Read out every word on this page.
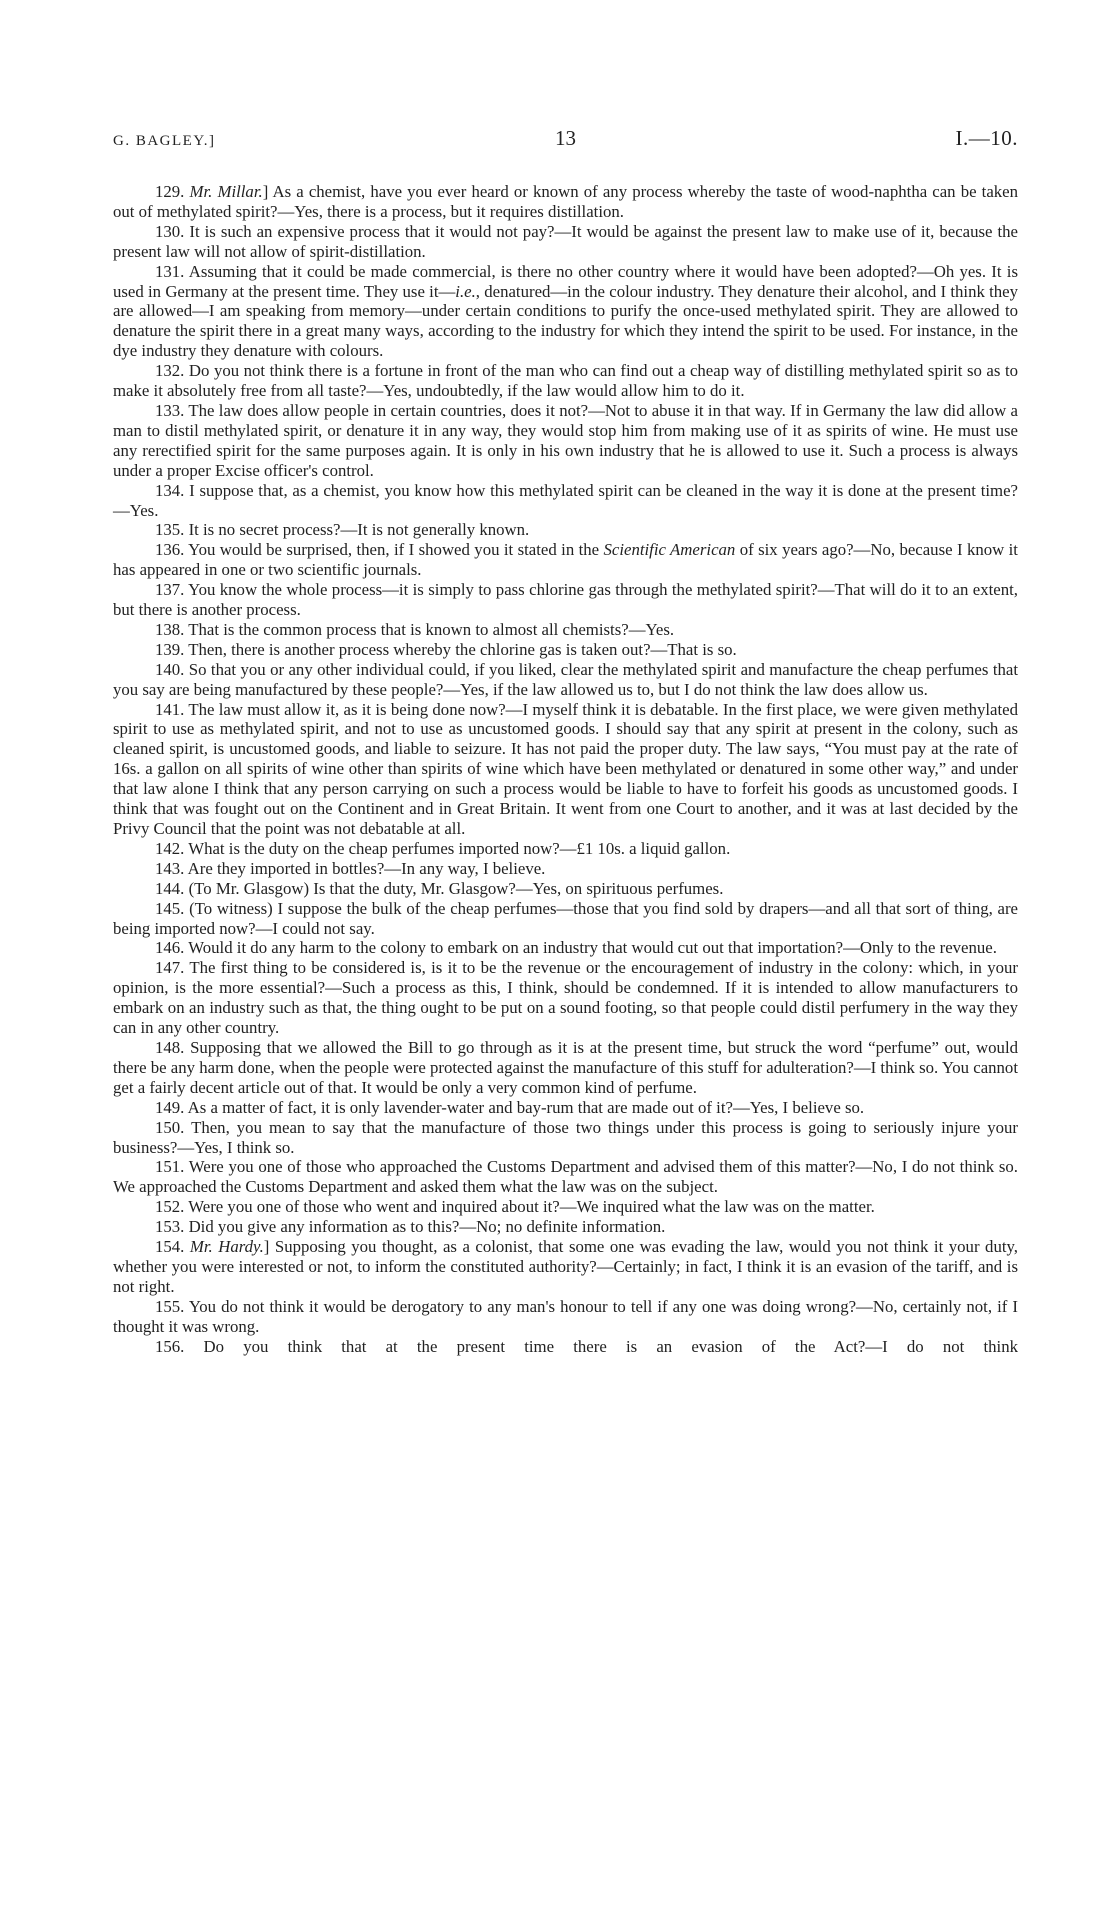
G. BAGLEY.]	13	I.—10.

129. Mr. Millar.] As a chemist, have you ever heard or known of any process whereby the taste of wood-naphtha can be taken out of methylated spirit?—Yes, there is a process, but it requires distillation.

130. It is such an expensive process that it would not pay?—It would be against the present law to make use of it, because the present law will not allow of spirit-distillation.

131. Assuming that it could be made commercial, is there no other country where it would have been adopted?—Oh yes. It is used in Germany at the present time. They use it—i.e., denatured—in the colour industry. They denature their alcohol, and I think they are allowed—I am speaking from memory—under certain conditions to purify the once-used methylated spirit. They are allowed to denature the spirit there in a great many ways, according to the industry for which they intend the spirit to be used. For instance, in the dye industry they denature with colours.

132. Do you not think there is a fortune in front of the man who can find out a cheap way of distilling methylated spirit so as to make it absolutely free from all taste?—Yes, undoubtedly, if the law would allow him to do it.

133. The law does allow people in certain countries, does it not?—Not to abuse it in that way. If in Germany the law did allow a man to distil methylated spirit, or denature it in any way, they would stop him from making use of it as spirits of wine. He must use any rerectified spirit for the same purposes again. It is only in his own industry that he is allowed to use it. Such a process is always under a proper Excise officer's control.

134. I suppose that, as a chemist, you know how this methylated spirit can be cleaned in the way it is done at the present time?—Yes.

135. It is no secret process?—It is not generally known.

136. You would be surprised, then, if I showed you it stated in the Scientific American of six years ago?—No, because I know it has appeared in one or two scientific journals.

137. You know the whole process—it is simply to pass chlorine gas through the methylated spirit?—That will do it to an extent, but there is another process.

138. That is the common process that is known to almost all chemists?—Yes.

139. Then, there is another process whereby the chlorine gas is taken out?—That is so.

140. So that you or any other individual could, if you liked, clear the methylated spirit and manufacture the cheap perfumes that you say are being manufactured by these people?—Yes, if the law allowed us to, but I do not think the law does allow us.

141. The law must allow it, as it is being done now?—I myself think it is debatable. In the first place, we were given methylated spirit to use as methylated spirit, and not to use as uncustomed goods. I should say that any spirit at present in the colony, such as cleaned spirit, is uncustomed goods, and liable to seizure. It has not paid the proper duty. The law says, “You must pay at the rate of 16s. a gallon on all spirits of wine other than spirits of wine which have been methylated or denatured in some other way,” and under that law alone I think that any person carrying on such a process would be liable to have to forfeit his goods as uncustomed goods. I think that was fought out on the Continent and in Great Britain. It went from one Court to another, and it was at last decided by the Privy Council that the point was not debatable at all.

142. What is the duty on the cheap perfumes imported now?—£1 10s. a liquid gallon.

143. Are they imported in bottles?—In any way, I believe.

144. (To Mr. Glasgow) Is that the duty, Mr. Glasgow?—Yes, on spirituous perfumes.

145. (To witness) I suppose the bulk of the cheap perfumes—those that you find sold by drapers—and all that sort of thing, are being imported now?—I could not say.

146. Would it do any harm to the colony to embark on an industry that would cut out that importation?—Only to the revenue.

147. The first thing to be considered is, is it to be the revenue or the encouragement of industry in the colony: which, in your opinion, is the more essential?—Such a process as this, I think, should be condemned. If it is intended to allow manufacturers to embark on an industry such as that, the thing ought to be put on a sound footing, so that people could distil perfumery in the way they can in any other country.

148. Supposing that we allowed the Bill to go through as it is at the present time, but struck the word “perfume” out, would there be any harm done, when the people were protected against the manufacture of this stuff for adulteration?—I think so. You cannot get a fairly decent article out of that. It would be only a very common kind of perfume.

149. As a matter of fact, it is only lavender-water and bay-rum that are made out of it?—Yes, I believe so.

150. Then, you mean to say that the manufacture of those two things under this process is going to seriously injure your business?—Yes, I think so.

151. Were you one of those who approached the Customs Department and advised them of this matter?—No, I do not think so. We approached the Customs Department and asked them what the law was on the subject.

152. Were you one of those who went and inquired about it?—We inquired what the law was on the matter.

153. Did you give any information as to this?—No; no definite information.

154. Mr. Hardy.] Supposing you thought, as a colonist, that some one was evading the law, would you not think it your duty, whether you were interested or not, to inform the constituted authority?—Certainly; in fact, I think it is an evasion of the tariff, and is not right.

155. You do not think it would be derogatory to any man's honour to tell if any one was doing wrong?—No, certainly not, if I thought it was wrong.

156. Do you think that at the present time there is an evasion of the Act?—I do not think
